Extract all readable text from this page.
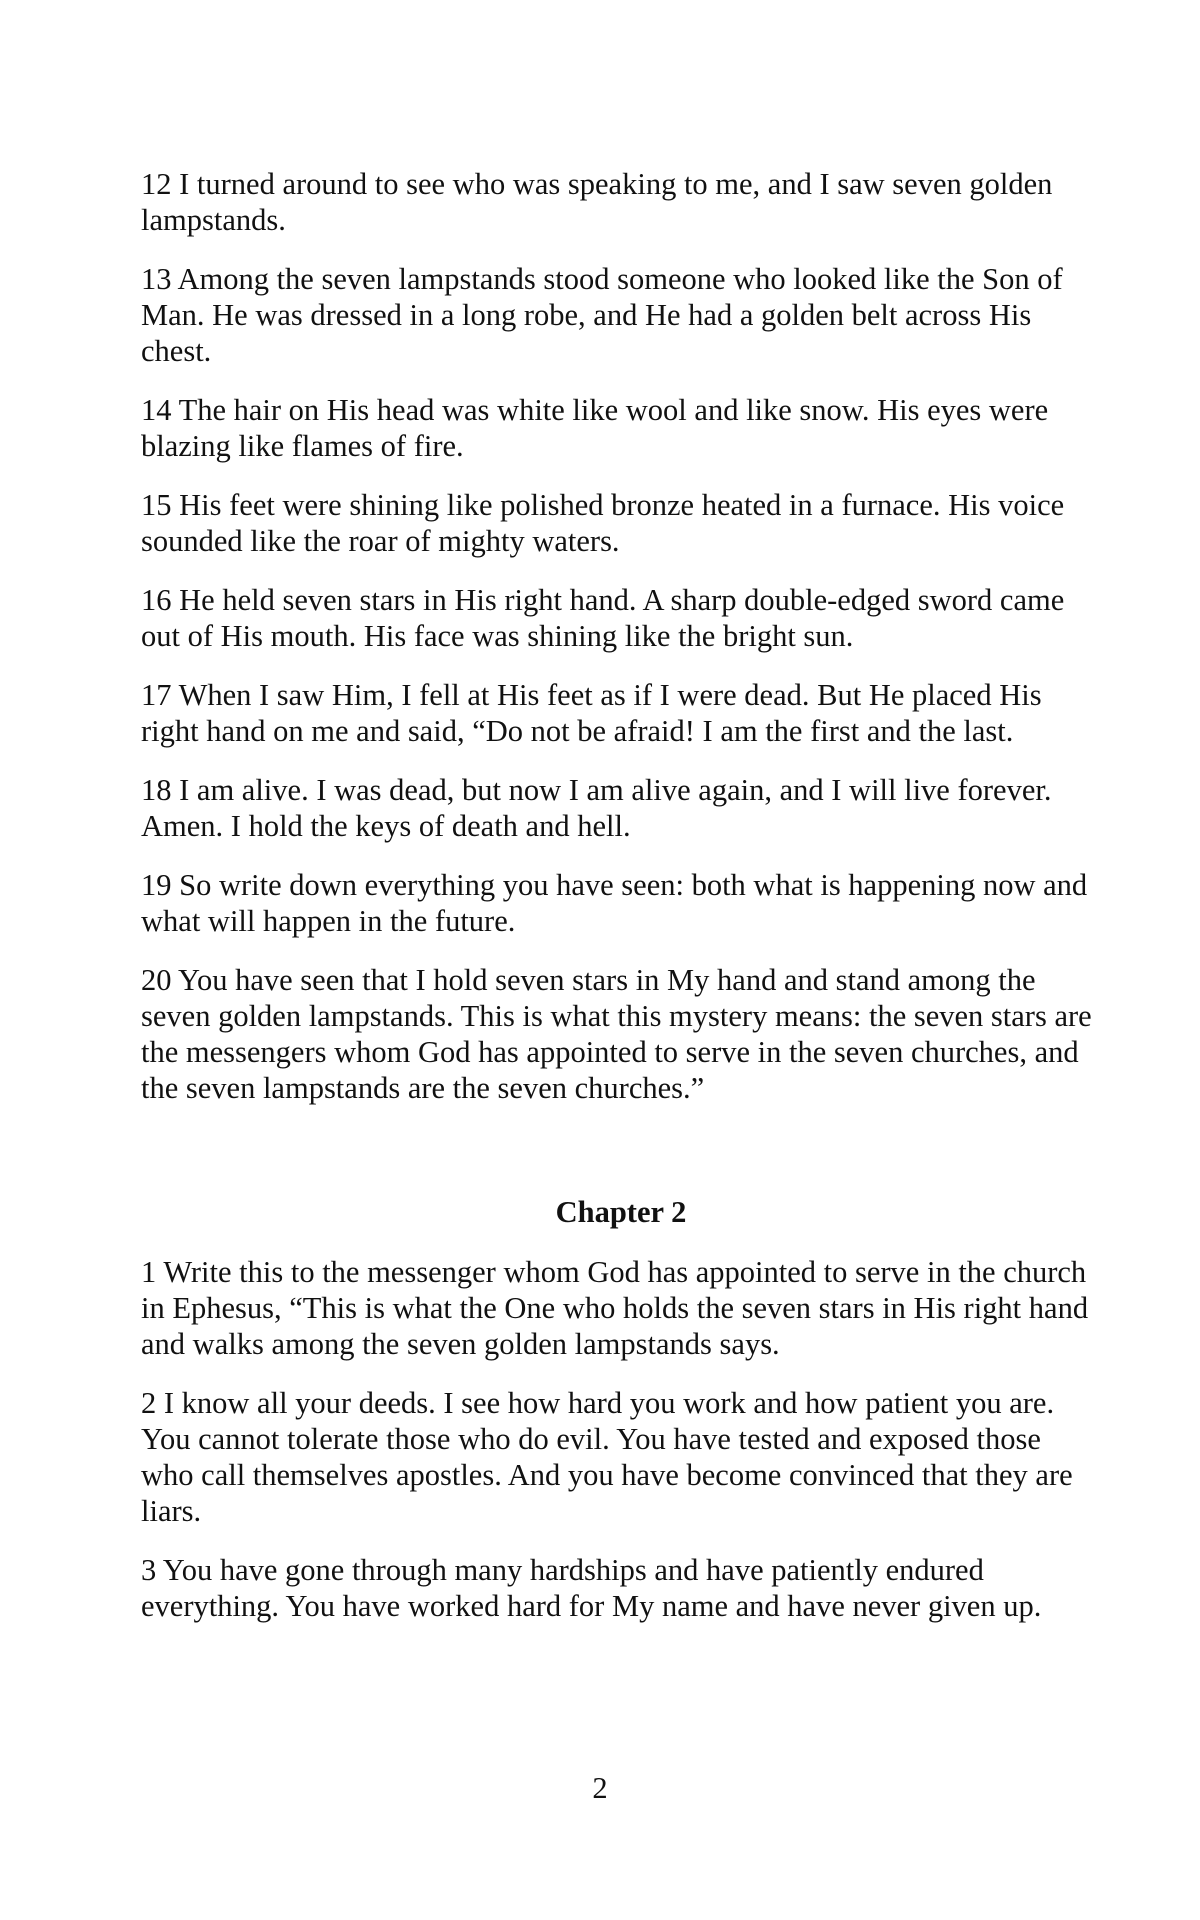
12 I turned around to see who was speaking to me, and I saw seven golden lampstands.

13 Among the seven lampstands stood someone who looked like the Son of Man. He was dressed in a long robe, and He had a golden belt across His chest.

14 The hair on His head was white like wool and like snow. His eyes were blazing like flames of fire.

15 His feet were shining like polished bronze heated in a furnace. His voice sounded like the roar of mighty waters.

16 He held seven stars in His right hand. A sharp double-edged sword came out of His mouth. His face was shining like the bright sun.

17 When I saw Him, I fell at His feet as if I were dead. But He placed His right hand on me and said, “Do not be afraid! I am the first and the last.

18 I am alive. I was dead, but now I am alive again, and I will live forever. Amen. I hold the keys of death and hell.

19 So write down everything you have seen: both what is happening now and what will happen in the future.

20 You have seen that I hold seven stars in My hand and stand among the seven golden lampstands. This is what this mystery means: the seven stars are the messengers whom God has appointed to serve in the seven churches, and the seven lampstands are the seven churches.”

Chapter 2

1 Write this to the messenger whom God has appointed to serve in the church in Ephesus, “This is what the One who holds the seven stars in His right hand and walks among the seven golden lampstands says.

2 I know all your deeds. I see how hard you work and how patient you are. You cannot tolerate those who do evil. You have tested and exposed those who call themselves apostles. And you have become convinced that they are liars.

3 You have gone through many hardships and have patiently endured everything. You have worked hard for My name and have never given up.

2
